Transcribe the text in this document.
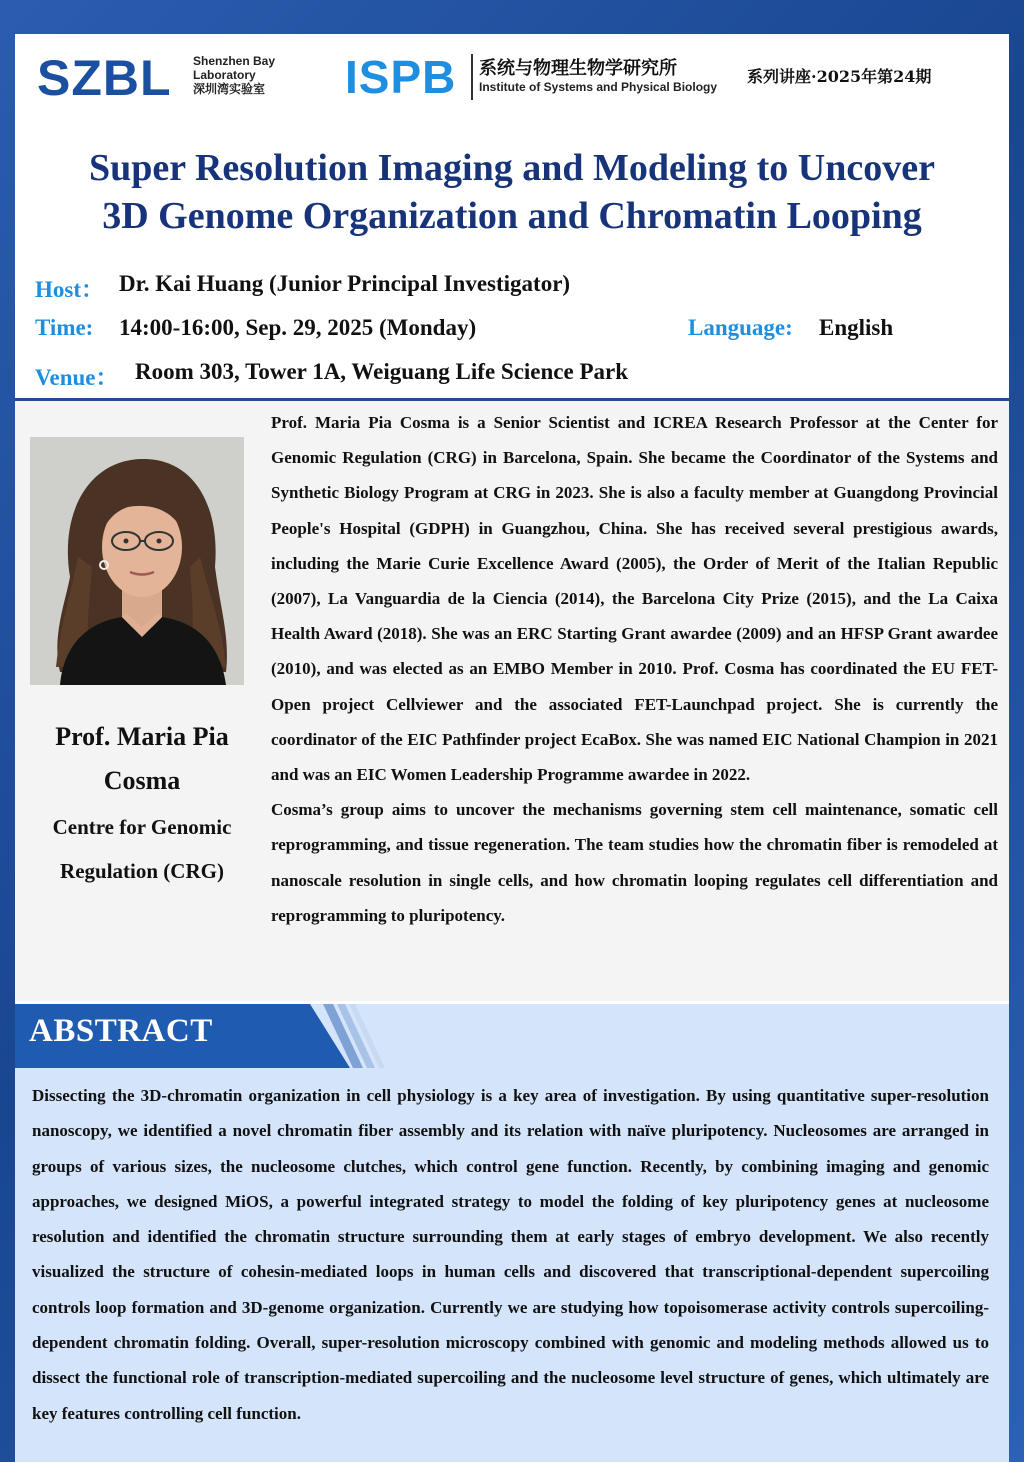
SZBL Shenzhen Bay
Laboratory
深圳湾实验室 ISPB 系统与物理生物学研究所
Institute of Systems and Physical Biology
系列讲座·2025年第24期
Super Resolution Imaging and Modeling to Uncover
3D Genome Organization and Chromatin Looping
Host： Dr. Kai Huang (Junior Principal Investigator)
Time: 14:00-16:00, Sep. 29, 2025 (Monday)	Language: English
Venue： Room 303, Tower 1A, Weiguang Life Science Park
Prof. Maria Pia
Cosma
Centre for Genomic
Regulation (CRG)

Prof. Maria Pia Cosma is a Senior Scientist and ICREA Research Professor at the Center for Genomic Regulation (CRG) in Barcelona, Spain. She became the Coordinator of the Systems and Synthetic Biology Program at CRG in 2023. She is also a faculty member at Guangdong Provincial People's Hospital (GDPH) in Guangzhou, China. She has received several prestigious awards, including the Marie Curie Excellence Award (2005), the Order of Merit of the Italian Republic (2007), La Vanguardia de la Ciencia (2014), the Barcelona City Prize (2015), and the La Caixa Health Award (2018). She was an ERC Starting Grant awardee (2009) and an HFSP Grant awardee (2010), and was elected as an EMBO Member in 2010. Prof. Cosma has coordinated the EU FET-Open project Cellviewer and the associated FET-Launchpad project. She is currently the coordinator of the EIC Pathfinder project EcaBox. She was named EIC National Champion in 2021 and was an EIC Women Leadership Programme awardee in 2022.

Cosma’s group aims to uncover the mechanisms governing stem cell maintenance, somatic cell reprogramming, and tissue regeneration. The team studies how the chromatin fiber is remodeled at nanoscale resolution in single cells, and how chromatin looping regulates cell differentiation and reprogramming to pluripotency.

ABSTRACT
Dissecting the 3D-chromatin organization in cell physiology is a key area of investigation. By using quantitative super-resolution nanoscopy, we identified a novel chromatin fiber assembly and its relation with naïve pluripotency. Nucleosomes are arranged in groups of various sizes, the nucleosome clutches, which control gene function. Recently, by combining imaging and genomic approaches, we designed MiOS, a powerful integrated strategy to model the folding of key pluripotency genes at nucleosome resolution and identified the chromatin structure surrounding them at early stages of embryo development. We also recently visualized the structure of cohesin-mediated loops in human cells and discovered that transcriptional-dependent supercoiling controls loop formation and 3D-genome organization. Currently we are studying how topoisomerase activity controls supercoiling-dependent chromatin folding. Overall, super-resolution microscopy combined with genomic and modeling methods allowed us to dissect the functional role of transcription-mediated supercoiling and the nucleosome level structure of genes, which ultimately are key features controlling cell function.
